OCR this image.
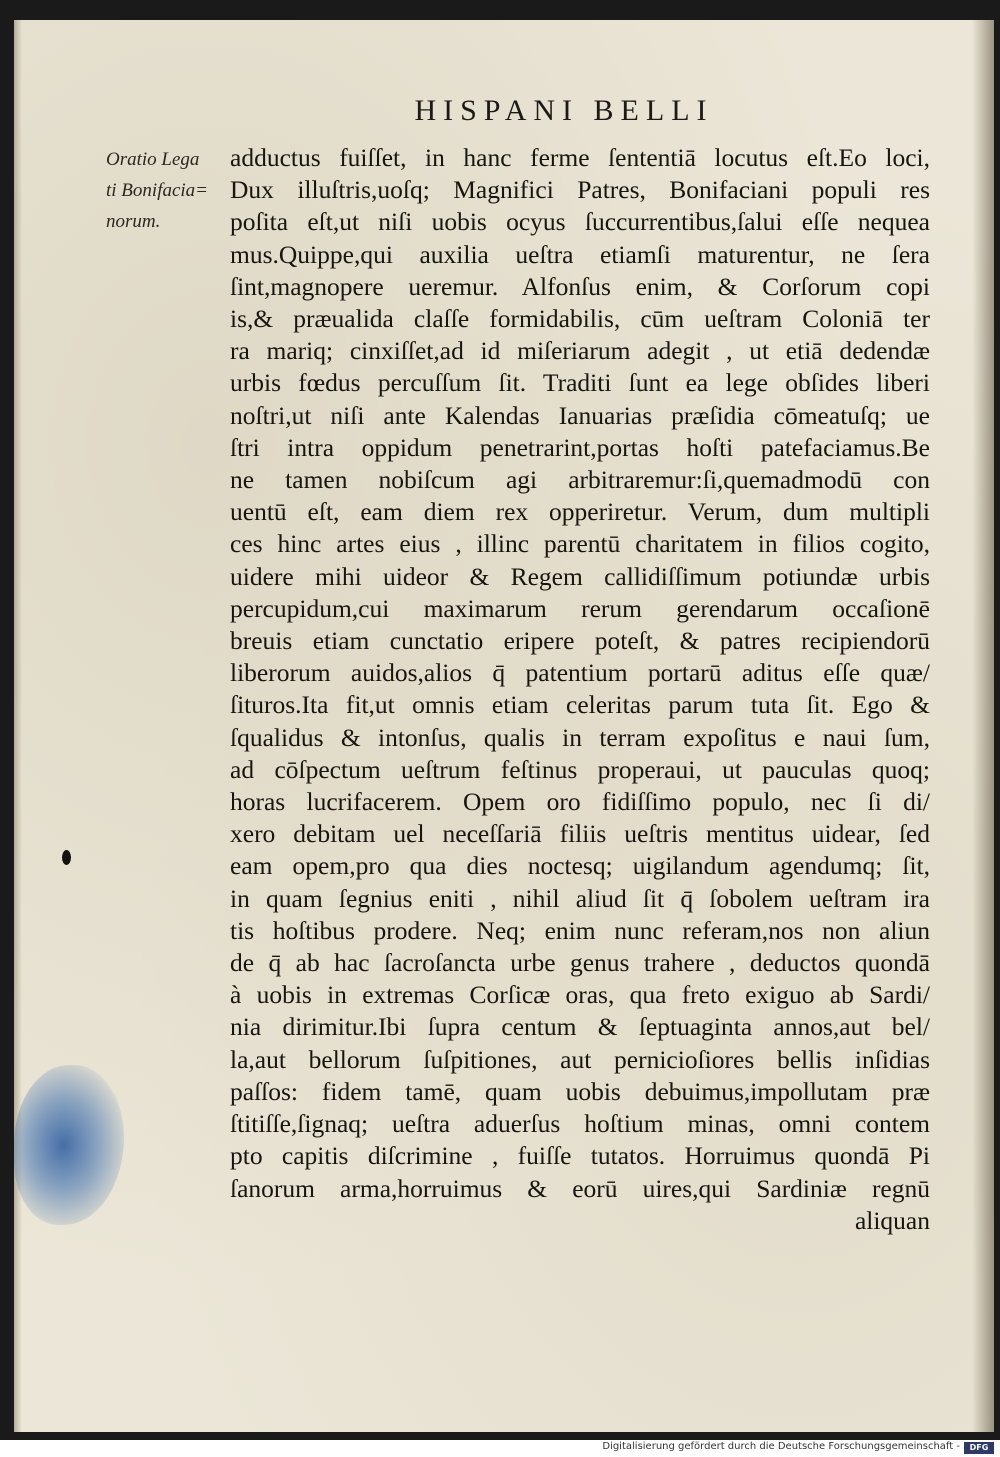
HISPANI BELLI
Oratio Lega
ti Bonifacia=
norum.
adductus fuiſſet, in hanc ferme ſententiā locutus eſt.Eo loci,
Dux illuſtris,uoſq; Magnifici Patres, Bonifaciani populi res
poſita eſt,ut niſi uobis ocyus ſuccurrentibus,ſalui eſſe nequea
mus.Quippe,qui auxilia ueſtra etiamſi maturentur, ne ſera
ſint,magnopere ueremur. Alfonſus enim, & Corſorum copi
is,& præualida claſſe formidabilis, cūm ueſtram Coloniā ter
ra mariq; cinxiſſet,ad id miſeriarum adegit , ut etiā dedendæ
urbis fœdus percuſſum ſit. Traditi ſunt ea lege obſides liberi
noſtri,ut niſi ante Kalendas Ianuarias præſidia cōmeatuſq; ue
ſtri intra oppidum penetrarint,portas hoſti patefaciamus.Be
ne tamen nobiſcum agi arbitraremur:ſi,quemadmodū con
uentū eſt, eam diem rex opperiretur. Verum, dum multipli
ces hinc artes eius , illinc parentū charitatem in filios cogito,
uidere mihi uideor & Regem callidiſſimum potiundæ urbis
percupidum,cui maximarum rerum gerendarum occaſionē
breuis etiam cunctatio eripere poteſt, & patres recipiendorū
liberorum auidos,alios q̄ patentium portarū aditus eſſe quæ/
ſituros.Ita fit,ut omnis etiam celeritas parum tuta ſit. Ego &
ſqualidus & intonſus, qualis in terram expoſitus e naui ſum,
ad cōſpectum ueſtrum feſtinus properaui, ut pauculas quoq;
horas lucrifacerem. Opem oro fidiſſimo populo, nec ſi di/
xero debitam uel neceſſariā filiis ueſtris mentitus uidear, ſed
eam opem,pro qua dies noctesq; uigilandum agendumq; ſit,
in quam ſegnius eniti , nihil aliud ſit q̄ ſobolem ueſtram ira
tis hoſtibus prodere. Neq; enim nunc referam,nos non aliun
de q̄ ab hac ſacroſancta urbe genus trahere , deductos quondā
à uobis in extremas Corſicæ oras, qua freto exiguo ab Sardi/
nia dirimitur.Ibi ſupra centum & ſeptuaginta annos,aut bel/
la,aut bellorum ſuſpitiones, aut pernicioſiores bellis inſidias
paſſos: fidem tamē, quam uobis debuimus,impollutam præ
ſtitiſſe,ſignaq; ueſtra aduerſus hoſtium minas, omni contem
pto capitis diſcrimine , fuiſſe tutatos. Horruimus quondā Pi
ſanorum arma,horruimus & eorū uires,qui Sardiniæ regnū
aliquan
Digitalisierung gefördert durch die Deutsche Forschungsgemeinschaft -	DFG
